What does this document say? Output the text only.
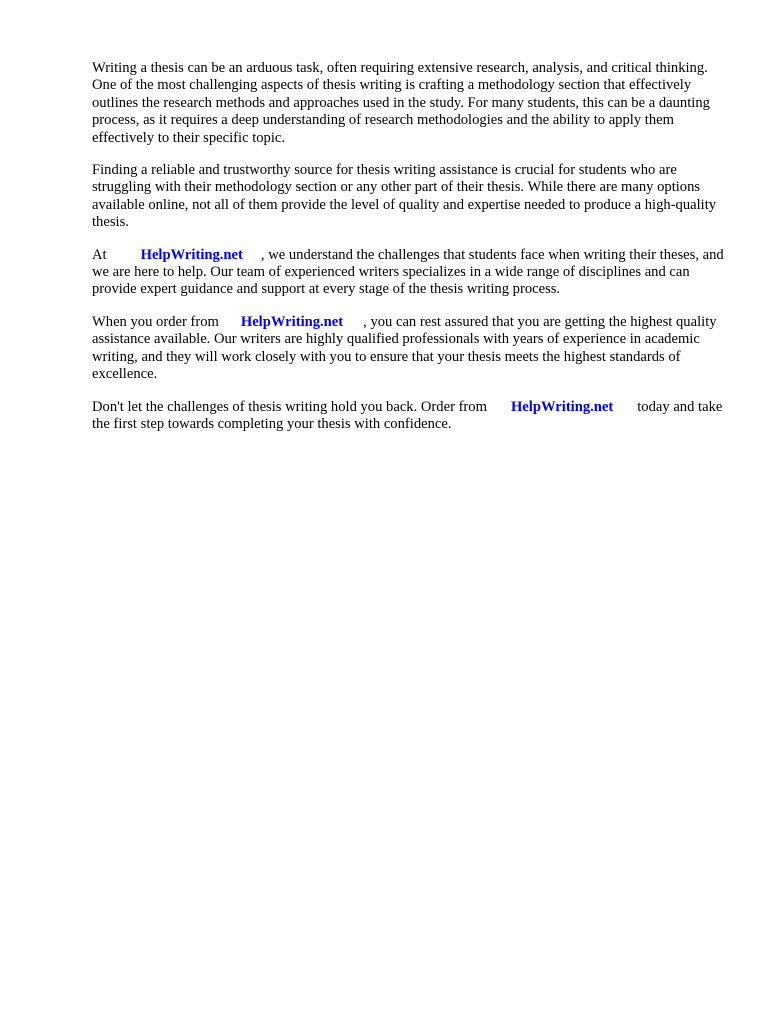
Writing a thesis can be an arduous task, often requiring extensive research, analysis, and critical thinking. One of the most challenging aspects of thesis writing is crafting a methodology section that effectively outlines the research methods and approaches used in the study. For many students, this can be a daunting process, as it requires a deep understanding of research methodologies and the ability to apply them effectively to their specific topic.

Finding a reliable and trustworthy source for thesis writing assistance is crucial for students who are struggling with their methodology section or any other part of their thesis. While there are many options available online, not all of them provide the level of quality and expertise needed to produce a high-quality thesis.

At HelpWriting.net , we understand the challenges that students face when writing their theses, and we are here to help. Our team of experienced writers specializes in a wide range of disciplines and can provide expert guidance and support at every stage of the thesis writing process.

When you order from HelpWriting.net , you can rest assured that you are getting the highest quality assistance available. Our writers are highly qualified professionals with years of experience in academic writing, and they will work closely with you to ensure that your thesis meets the highest standards of excellence.

Don't let the challenges of thesis writing hold you back. Order from HelpWriting.net today and take the first step towards completing your thesis with confidence.
